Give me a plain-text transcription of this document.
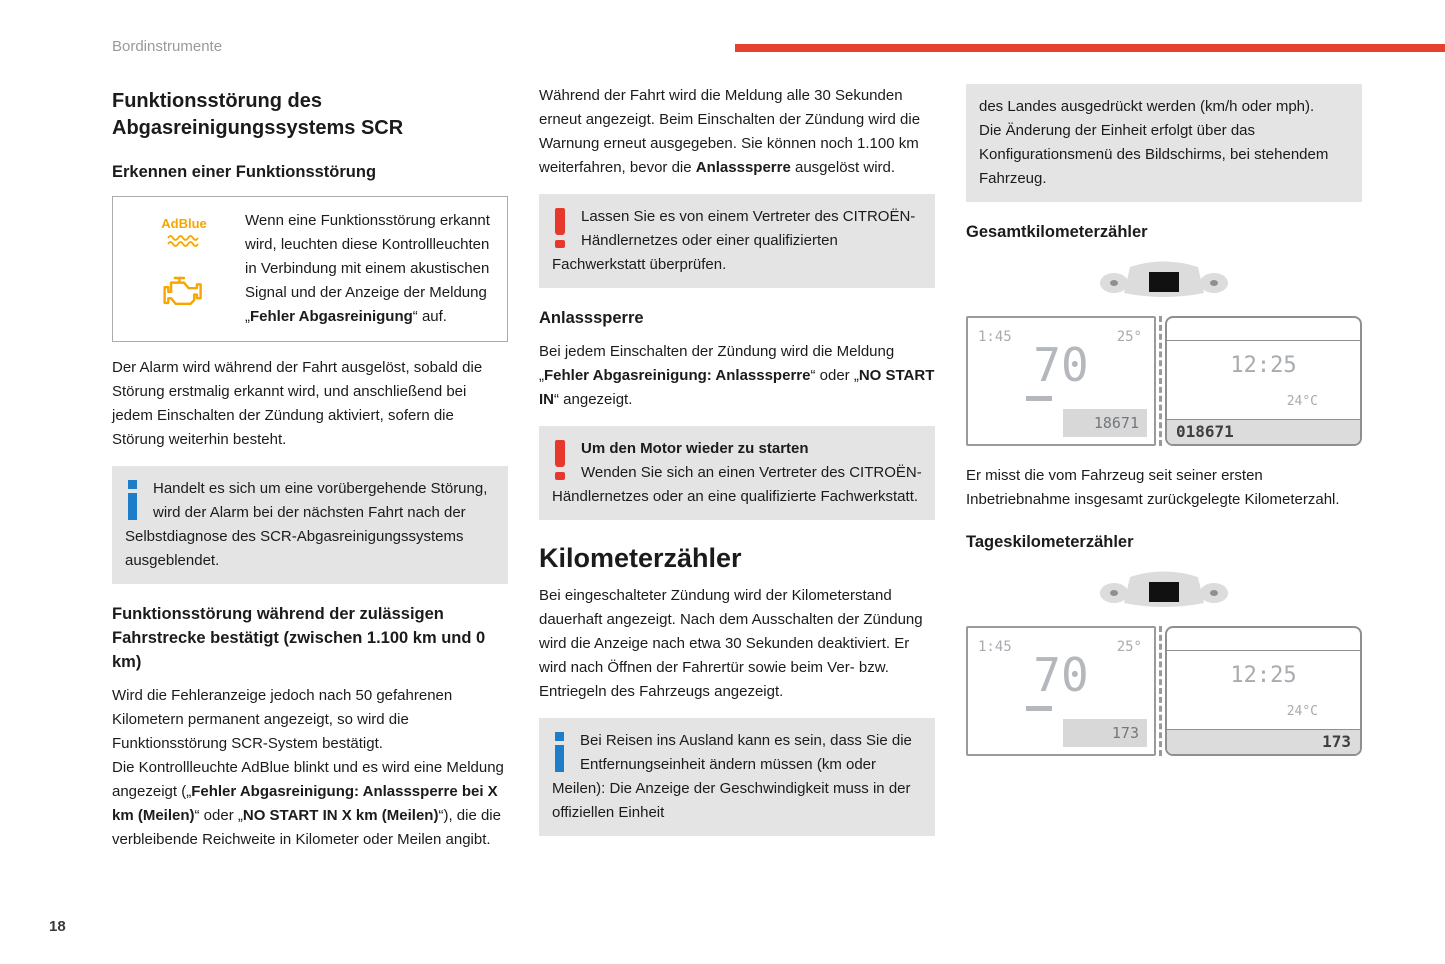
Bordinstrumente
Funktionsstörung des Abgasreinigungssystems SCR
Erkennen einer Funktionsstörung
AdBlue	Wenn eine Funktionsstörung erkannt wird, leuchten diese Kontrollleuchten in Verbindung mit einem akustischen Signal und der Anzeige der Meldung „Fehler Abgasreinigung“ auf.

Der Alarm wird während der Fahrt ausgelöst, sobald die Störung erstmalig erkannt wird, und anschließend bei jedem Einschalten der Zündung aktiviert, sofern die Störung weiterhin besteht.

Handelt es sich um eine vorübergehende Störung, wird der Alarm bei der nächsten Fahrt nach der Selbstdiagnose des SCR-Abgasreinigungssystems ausgeblendet.
Funktionsstörung während der zulässigen Fahrstrecke bestätigt (zwischen 1.100 km und 0 km)

Wird die Fehleranzeige jedoch nach 50 gefahrenen Kilometern permanent angezeigt, so wird die Funktionsstörung SCR-System bestätigt.
Die Kontrollleuchte AdBlue blinkt und es wird eine Meldung angezeigt („Fehler Abgasreinigung: Anlasssperre bei X km (Meilen)“ oder „NO START IN X km (Meilen)“), die die verbleibende Reichweite in Kilometer oder Meilen angibt.

Während der Fahrt wird die Meldung alle 30 Sekunden erneut angezeigt. Beim Einschalten der Zündung wird die Warnung erneut ausgegeben. Sie können noch 1.100 km weiterfahren, bevor die Anlasssperre ausgelöst wird.

Lassen Sie es von einem Vertreter des CITROËN-Händlernetzes oder einer qualifizierten Fachwerkstatt überprüfen.
Anlasssperre

Bei jedem Einschalten der Zündung wird die Meldung „Fehler Abgasreinigung: Anlasssperre“ oder „NO START IN“ angezeigt.

Um den Motor wieder zu starten
Wenden Sie sich an einen Vertreter des CITROËN-Händlernetzes oder an eine qualifizierte Fachwerkstatt.
Kilometerzähler

Bei eingeschalteter Zündung wird der Kilometerstand dauerhaft angezeigt. Nach dem Ausschalten der Zündung wird die Anzeige nach etwa 30 Sekunden deaktiviert. Er wird nach Öffnen der Fahrertür sowie beim Ver- bzw. Entriegeln des Fahrzeugs angezeigt.

Bei Reisen ins Ausland kann es sein, dass Sie die Entfernungseinheit ändern müssen (km oder Meilen): Die Anzeige der Geschwindigkeit muss in der offiziellen Einheit
des Landes ausgedrückt werden (km/h oder mph).
Die Änderung der Einheit erfolgt über das Konfigurationsmenü des Bildschirms, bei stehendem Fahrzeug.
Gesamtkilometerzähler
1:45	25°
70
18671
12:25
24°C
018671

Er misst die vom Fahrzeug seit seiner ersten Inbetriebnahme insgesamt zurückgelegte Kilometerzahl.

Tageskilometerzähler
1:45	25°
70
173
12:25
24°C
173
18
